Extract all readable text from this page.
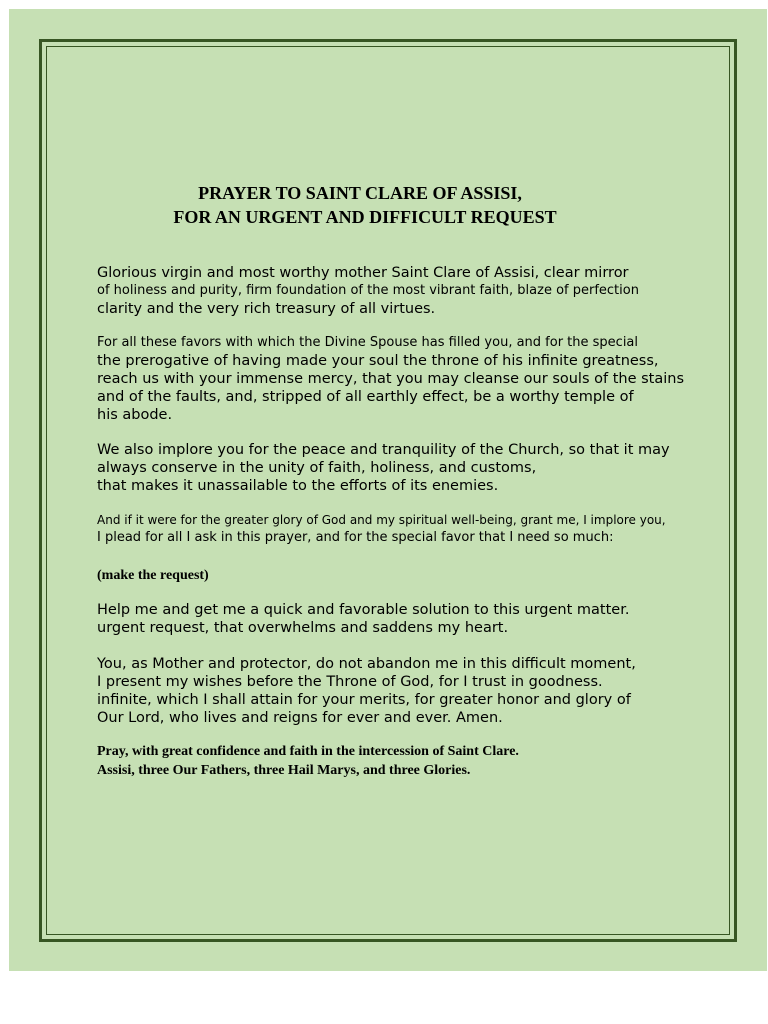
PRAYER TO SAINT CLARE OF ASSISI,
FOR AN URGENT AND DIFFICULT REQUEST
Glorious virgin and most worthy mother Saint Clare of Assisi, clear mirror
of holiness and purity, firm foundation of the most vibrant faith, blaze of perfection
clarity and the very rich treasury of all virtues.
For all these favors with which the Divine Spouse has filled you, and for the special
the prerogative of having made your soul the throne of his infinite greatness,
reach us with your immense mercy, that you may cleanse our souls of the stains
and of the faults, and, stripped of all earthly effect, be a worthy temple of
his abode.
We also implore you for the peace and tranquility of the Church, so that it may
always conserve in the unity of faith, holiness, and customs,
that makes it unassailable to the efforts of its enemies.
And if it were for the greater glory of God and my spiritual well-being, grant me, I implore you,
I plead for all I ask in this prayer, and for the special favor that I need so much:
(make the request)
Help me and get me a quick and favorable solution to this urgent matter.
urgent request, that overwhelms and saddens my heart.
You, as Mother and protector, do not abandon me in this difficult moment,
I present my wishes before the Throne of God, for I trust in goodness.
infinite, which I shall attain for your merits, for greater honor and glory of
Our Lord, who lives and reigns for ever and ever. Amen.
Pray, with great confidence and faith in the intercession of Saint Clare.
Assisi, three Our Fathers, three Hail Marys, and three Glories.
